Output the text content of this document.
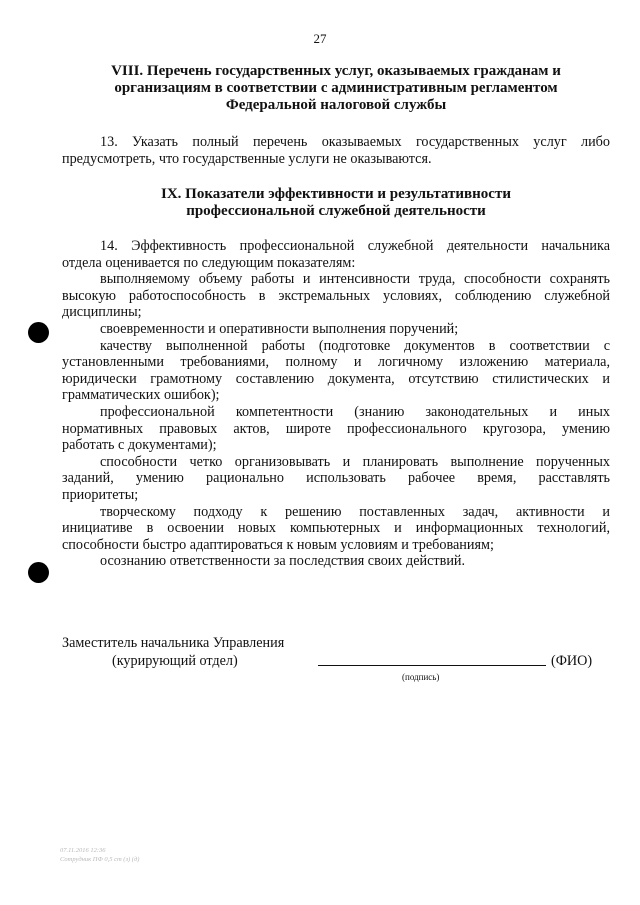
27
VIII. Перечень государственных услуг, оказываемых гражданам и
организациям в соответствии с административным регламентом
Федеральной налоговой службы
13. Указать полный перечень оказываемых государственных услуг либо
предусмотреть, что государственные услуги не оказываются.
IX. Показатели эффективности и результативности
профессиональной служебной деятельности
14. Эффективность профессиональной служебной деятельности начальника
отдела оценивается по следующим показателям:
выполняемому объему работы и интенсивности труда, способности сохранять
высокую работоспособность в экстремальных условиях, соблюдению служебной
дисциплины;
своевременности и оперативности выполнения поручений;
качеству выполненной работы (подготовке документов в соответствии с
установленными требованиями, полному и логичному изложению материала,
юридически грамотному составлению документа, отсутствию стилистических и
грамматических ошибок);
профессиональной компетентности (знанию законодательных и иных
нормативных правовых актов, широте профессионального кругозора, умению
работать с документами);
способности четко организовывать и планировать выполнение порученных
заданий, умению рационально использовать рабочее время, расставлять
приоритеты;
творческому подходу к решению поставленных задач, активности и
инициативе в освоении новых компьютерных и информационных технологий,
способности быстро адаптироваться к новым условиям и требованиям;
осознанию ответственности за последствия своих действий.
Заместитель начальника Управления
(курирующий отдел)
(подпись)
(ФИО)
07.11.2016 12:36
Сотрудник ПФ 0,5 ст (з) (д)
